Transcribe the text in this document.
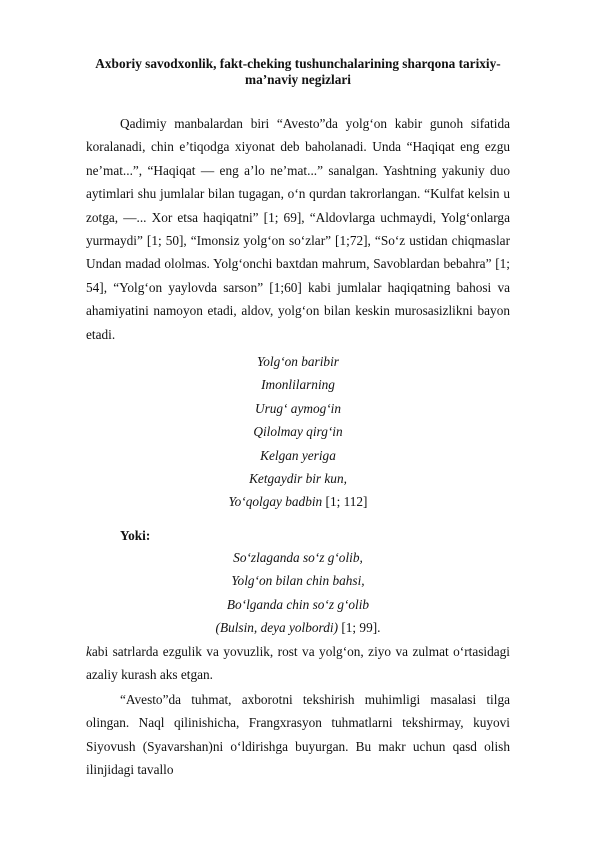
Axboriy savodxonlik, fakt-cheking tushunchalarining sharqona tarixiy-
ma’naviy negizlari

Qadimiy manbalardan biri “Avesto”da yolg‘on kabir gunoh sifatida koralanadi, chin e’tiqodga xiyonat deb baholanadi. Unda “Haqiqat eng ezgu ne’mat...”, “Haqiqat — eng a’lo ne’mat...” sanalgan. Yashtning yakuniy duo aytimlari shu jumlalar bilan tugagan, o‘n qurdan takrorlangan. “Kulfat kelsin u zotga, —... Xor etsa haqiqatni” [1; 69], “Aldovlarga uchmaydi, Yolg‘onlarga yurmaydi” [1; 50], “Imonsiz yolg‘on so‘zlar” [1;72], “So‘z ustidan chiqmaslar Undan madad ololmas. Yolg‘onchi baxtdan mahrum, Savoblardan bebahra” [1; 54], “Yolg‘on yaylovda sarson” [1;60] kabi jumlalar haqiqatning bahosi va ahamiyatini namoyon etadi, aldov, yolg‘on bilan keskin murosasizlikni bayon etadi.

Yolg‘on baribir
Imonlilarning
Urug‘ aymog‘in
Qilolmay qirg‘in
Kelgan yeriga
Ketgaydir bir kun,
Yo‘qolgay badbin [1; 112]
Yoki:
So‘zlaganda so‘z g‘olib,
Yolg‘on bilan chin bahsi,
Bo‘lganda chin so‘z g‘olib
(Bulsin, deya yolbordi) [1; 99].

kabi satrlarda ezgulik va yovuzlik, rost va yolg‘on, ziyo va zulmat o‘rtasidagi azaliy kurash aks etgan.

“Avesto”da tuhmat, axborotni tekshirish muhimligi masalasi tilga olingan. Naql qilinishicha, Frangxrasyon tuhmatlarni tekshirmay, kuyovi Siyovush (Syavarshan)ni o‘ldirishga buyurgan. Bu makr uchun qasd olish ilinjidagi tavallo
